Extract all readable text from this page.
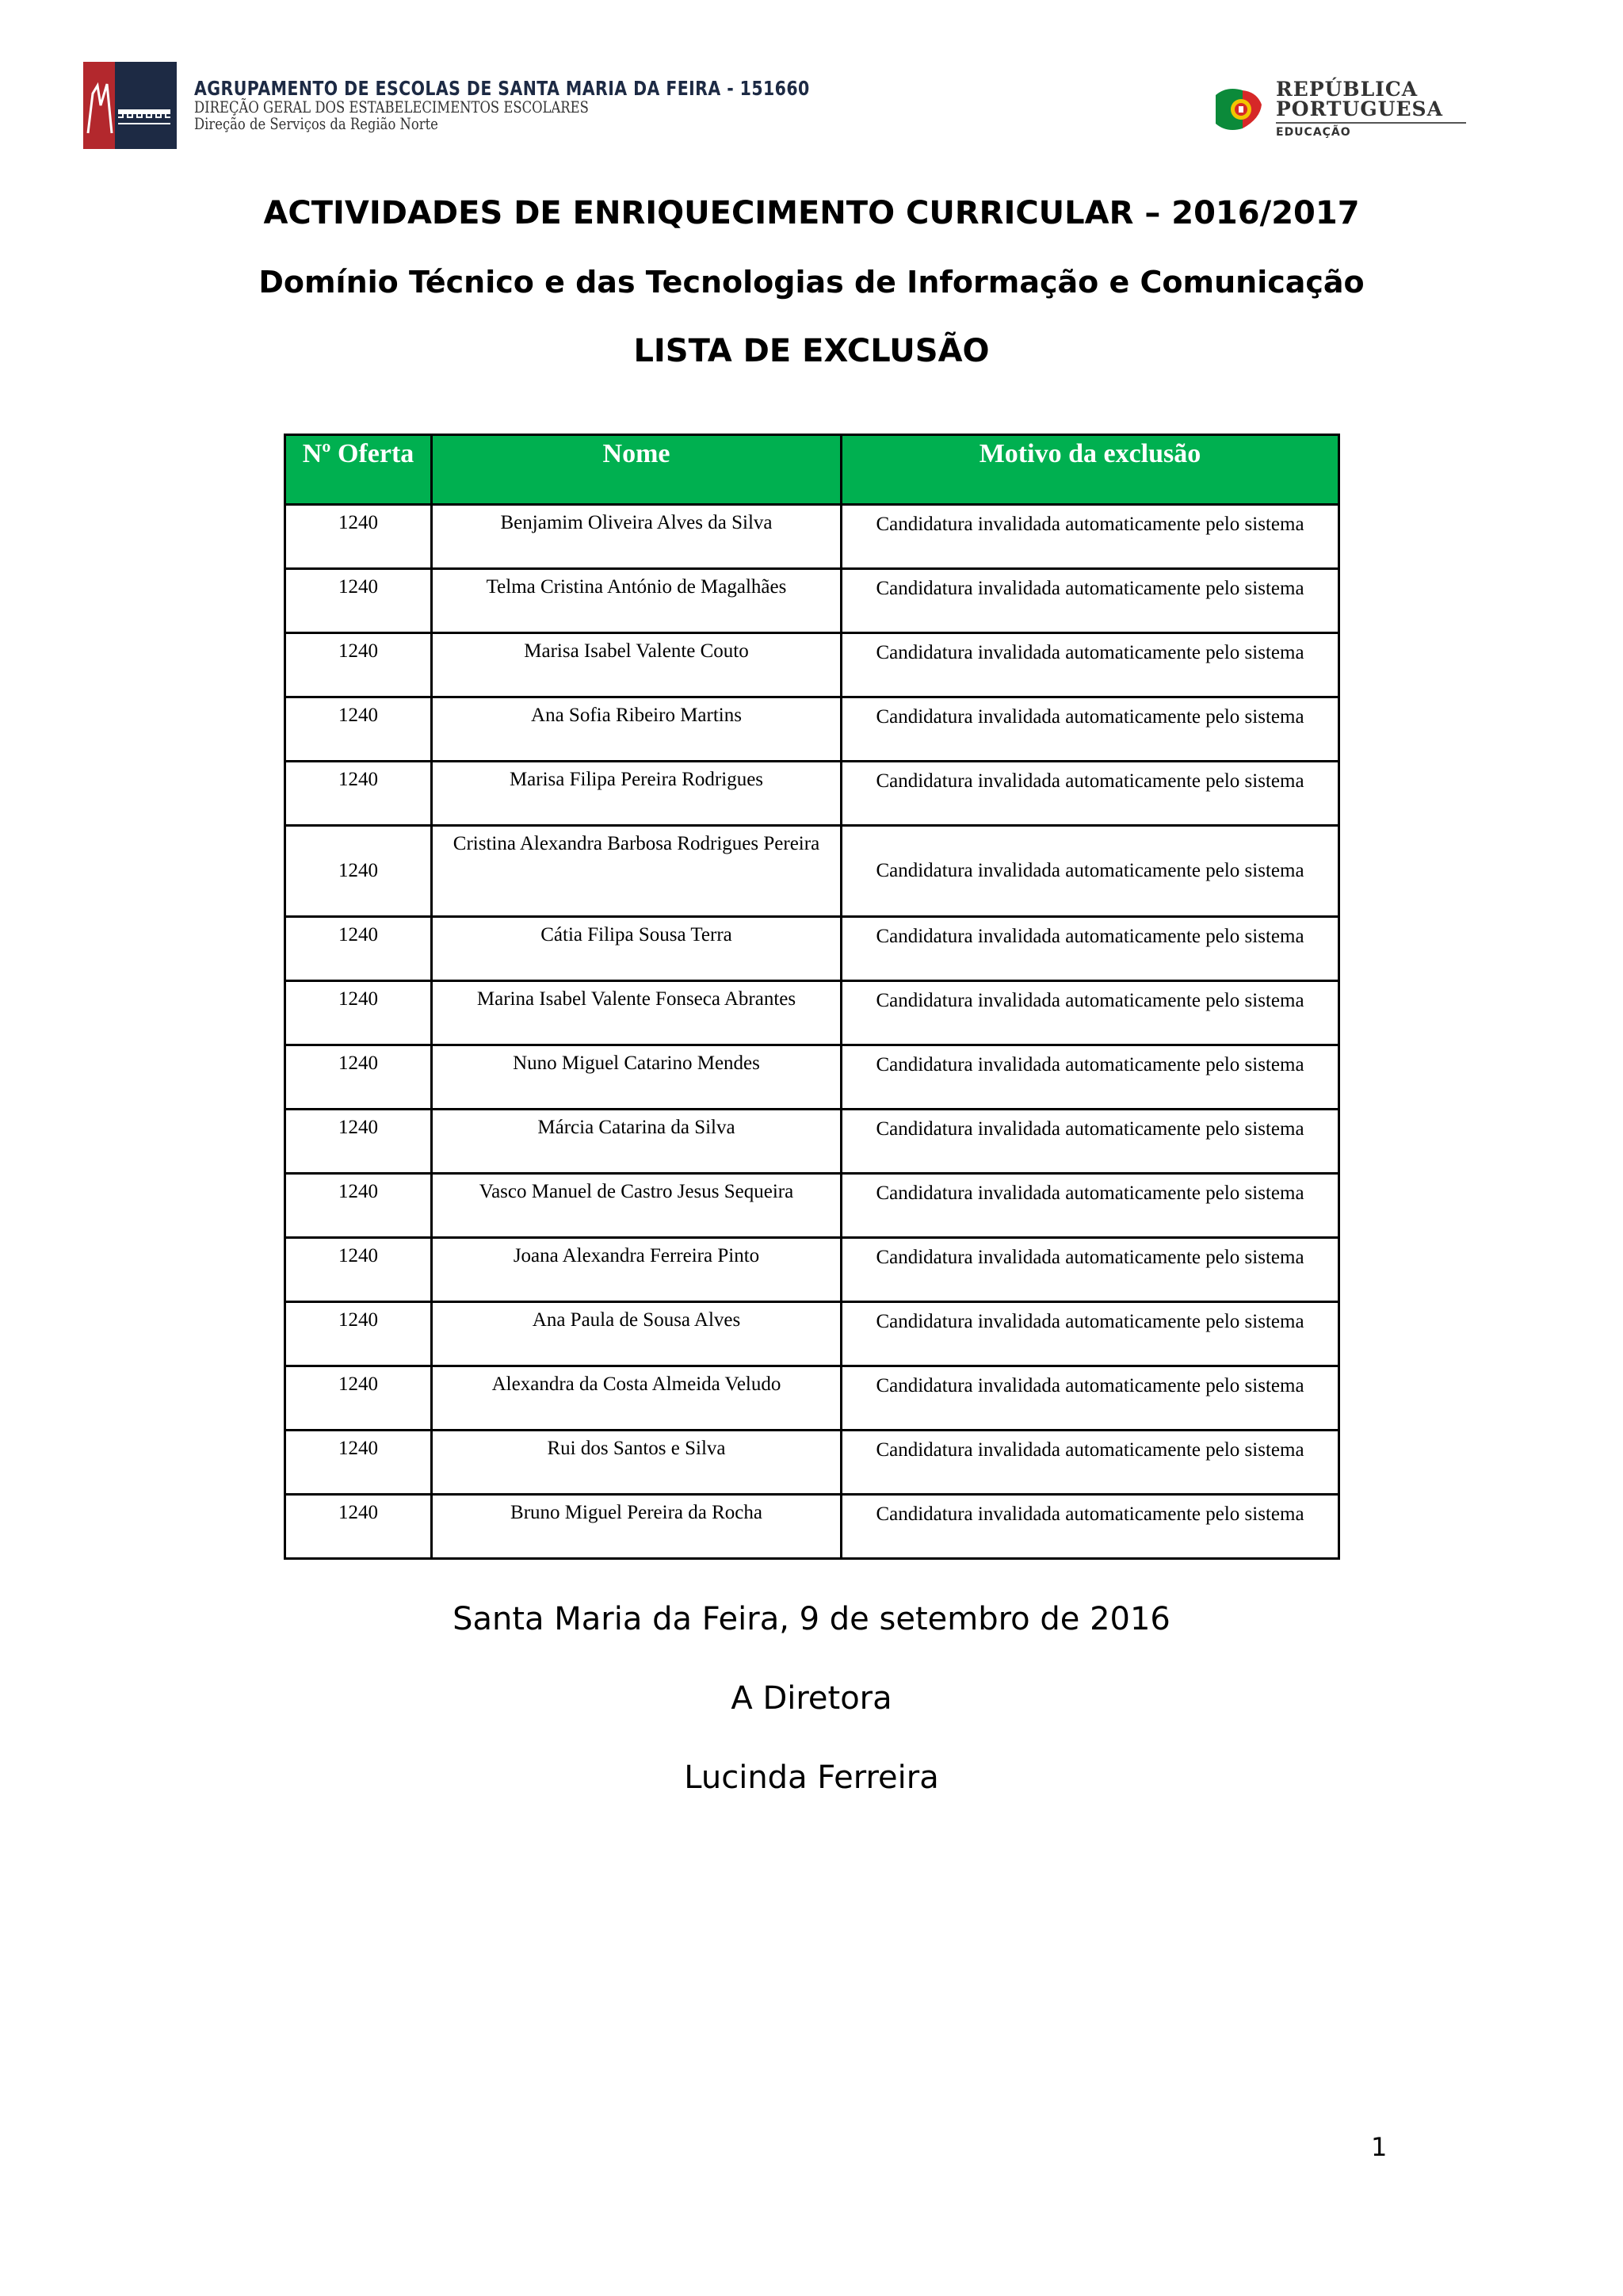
AGRUPAMENTO DE ESCOLAS DE SANTA MARIA DA FEIRA - 151660
DIREÇÃO GERAL DOS ESTABELECIMENTOS ESCOLARES
Direção de Serviços da Região Norte
REPÚBLICA
PORTUGUESA
EDUCAÇÃO
ACTIVIDADES DE ENRIQUECIMENTO CURRICULAR – 2016/2017
Domínio Técnico e das Tecnologias de Informação e Comunicação
LISTA DE EXCLUSÃO
Nº Oferta	Nome	Motivo da exclusão
1240	Benjamim Oliveira Alves da Silva	Candidatura invalidada automaticamente pelo sistema
1240	Telma Cristina António de Magalhães	Candidatura invalidada automaticamente pelo sistema
1240	Marisa Isabel Valente Couto	Candidatura invalidada automaticamente pelo sistema
1240	Ana Sofia Ribeiro Martins	Candidatura invalidada automaticamente pelo sistema
1240	Marisa Filipa Pereira Rodrigues	Candidatura invalidada automaticamente pelo sistema
1240	Cristina Alexandra Barbosa Rodrigues Pereira	Candidatura invalidada automaticamente pelo sistema
1240	Cátia Filipa Sousa Terra	Candidatura invalidada automaticamente pelo sistema
1240	Marina Isabel Valente Fonseca Abrantes	Candidatura invalidada automaticamente pelo sistema
1240	Nuno Miguel Catarino Mendes	Candidatura invalidada automaticamente pelo sistema
1240	Márcia Catarina da Silva	Candidatura invalidada automaticamente pelo sistema
1240	Vasco Manuel de Castro Jesus Sequeira	Candidatura invalidada automaticamente pelo sistema
1240	Joana Alexandra Ferreira Pinto	Candidatura invalidada automaticamente pelo sistema
1240	Ana Paula de Sousa Alves	Candidatura invalidada automaticamente pelo sistema
1240	Alexandra da Costa Almeida Veludo	Candidatura invalidada automaticamente pelo sistema
1240	Rui dos Santos e Silva	Candidatura invalidada automaticamente pelo sistema
1240	Bruno Miguel Pereira da Rocha	Candidatura invalidada automaticamente pelo sistema
Santa Maria da Feira, 9 de setembro de 2016
A Diretora
Lucinda Ferreira
1
